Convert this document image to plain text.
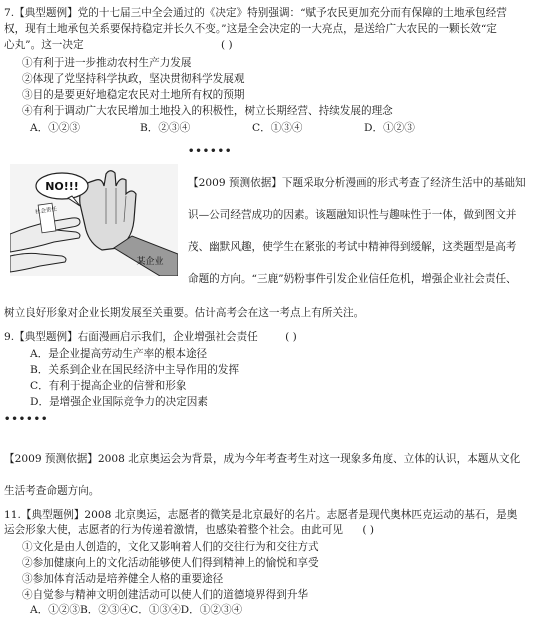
7.【典型题例】党的十七届三中全会通过的《决定》特别强调：“赋予农民更加充分而有保障的土地承包经营
权，现有土地承包关系要保持稳定并长久不变。”这是全会决定的一大亮点，是送给广大农民的一颗长效“定
心丸”。这一决定	( )
①有利于进一步推动农村生产力发展
②体现了党坚持科学执政，坚决贯彻科学发展观
③目的是要更好地稳定农民对土地所有权的预期
④有利于调动广大农民增加土地投入的积极性，树立长期经营、持续发展的理念
A．①②③	B．②③④	C．①③④	D．①②③
••••••
NO!!!
社会责任
某企业
【2009 预测依据】下题采取分析漫画的形式考查了经济生活中的基础知
识—公司经营成功的因素。该题融知识性与趣味性于一体，做到图文并
茂、幽默风趣，使学生在紧张的考试中精神得到缓解，这类题型是高考
命题的方向。“三鹿”奶粉事件引发企业信任危机，增强企业社会责任、
树立良好形象对企业长期发展至关重要。估计高考会在这一考点上有所关注。
9.【典型题例】右面漫画启示我们，企业增强社会责任	( )
A．是企业提高劳动生产率的根本途径
B．关系到企业在国民经济中主导作用的发挥
C．有利于提高企业的信誉和形象
D．是增强企业国际竞争力的决定因素
••••••
【2009 预测依据】2008 北京奥运会为背景，成为今年考查考生对这一现象多角度、立体的认识，本题从文化
生活考查命题方向。
11.【典型题例】2008 北京奥运，志愿者的微笑是北京最好的名片。志愿者是现代奥林匹克运动的基石，是奥
运会形象大使，志愿者的行为传递着激情，也感染着整个社会。由此可见 ( )
①文化是由人创造的，文化又影响着人们的交往行为和交往方式
②参加健康向上的文化活动能够使人们得到精神上的愉悦和享受
③参加体育活动是培养健全人格的重要途径
④自觉参与精神文明创建活动可以使人们的道德境界得到升华
A．①②③B．②③④C．①③④D．①②③④
